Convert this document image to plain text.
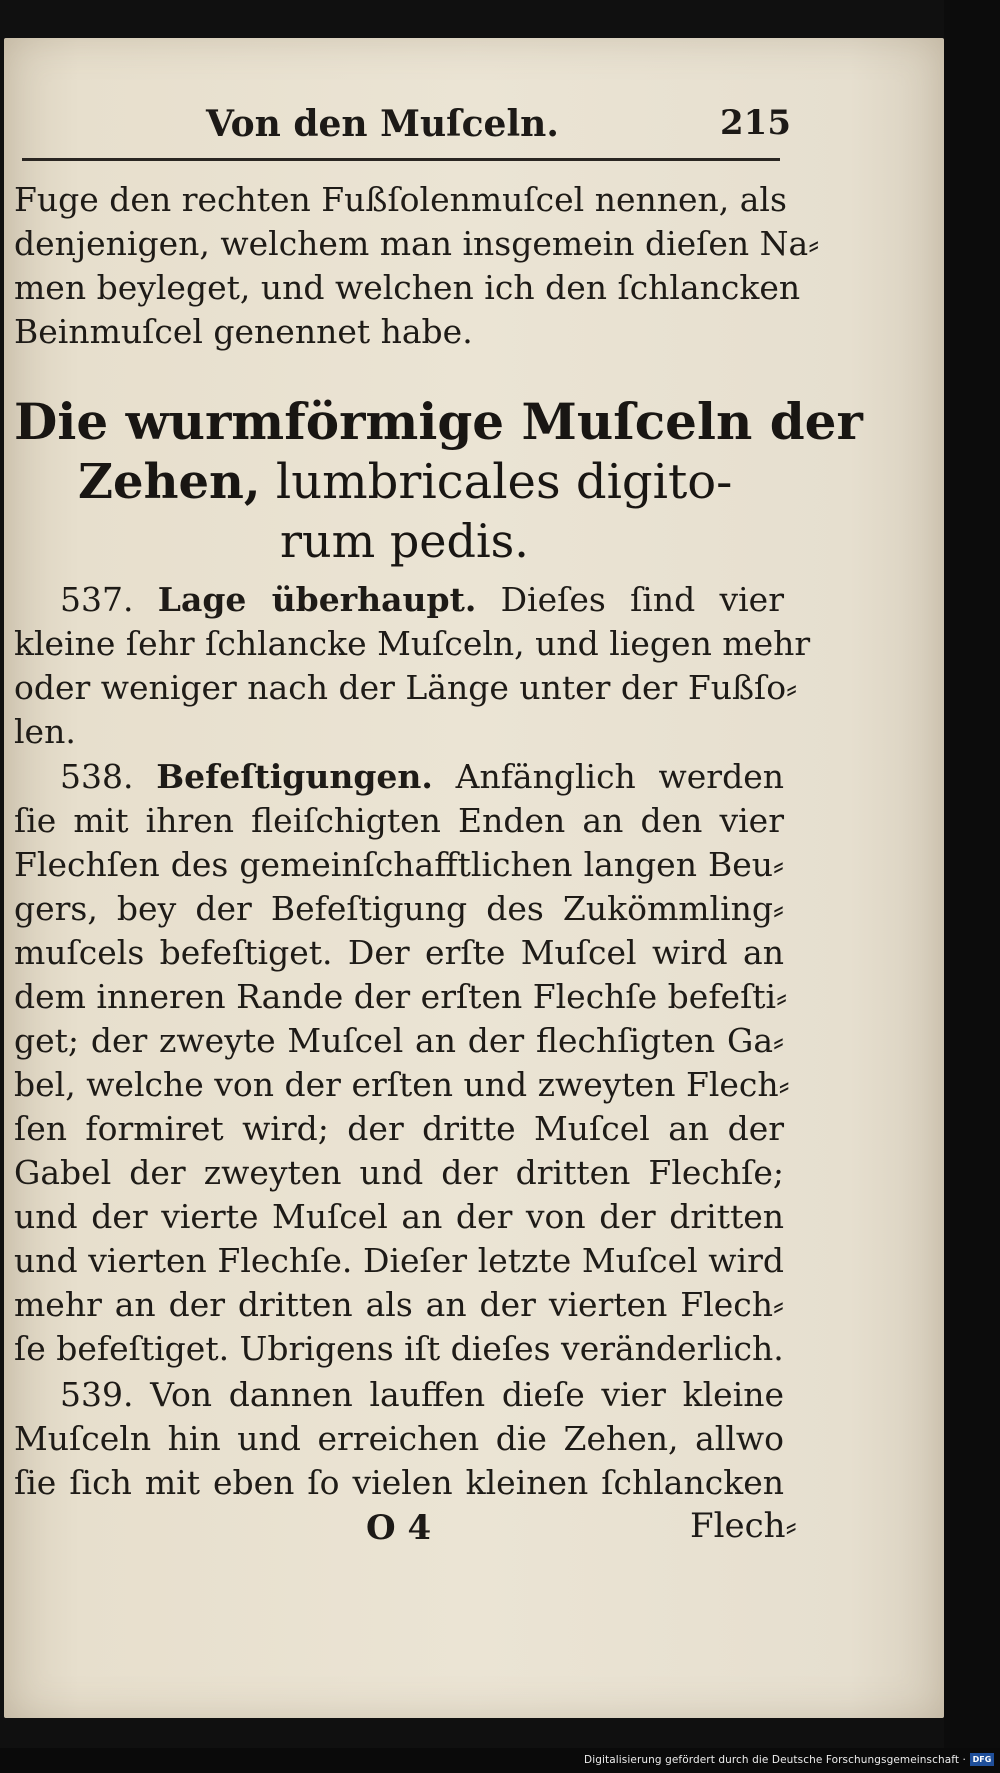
Von den Muſceln.	215
Fuge den rechten Fußſolenmuſcel nennen, als
denjenigen, welchem man insgemein dieſen Na⸗
men beyleget, und welchen ich den ſchlancken
Beinmuſcel genennet habe.
Die wurmförmige Muſceln der
Zehen, lumbricales digito-
rum pedis.
537. Lage überhaupt. Dieſes ſind vier
kleine ſehr ſchlancke Muſceln, und liegen mehr
oder weniger nach der Länge unter der Fußſo⸗
len.
538. Befeſtigungen. Anfänglich werden
ſie mit ihren fleiſchigten Enden an den vier
Flechſen des gemeinſchafftlichen langen Beu⸗
gers, bey der Befeſtigung des Zukömmling⸗
muſcels befeſtiget. Der erſte Muſcel wird an
dem inneren Rande der erſten Flechſe befeſti⸗
get; der zweyte Muſcel an der flechſigten Ga⸗
bel, welche von der erſten und zweyten Flech⸗
ſen formiret wird; der dritte Muſcel an der
Gabel der zweyten und der dritten Flechſe;
und der vierte Muſcel an der von der dritten
und vierten Flechſe. Dieſer letzte Muſcel wird
mehr an der dritten als an der vierten Flech⸗
ſe befeſtiget. Ubrigens iſt dieſes veränderlich.
539. Von dannen lauffen dieſe vier kleine
Muſceln hin und erreichen die Zehen, allwo
ſie ſich mit eben ſo vielen kleinen ſchlancken
O 4	Flech⸗
Digitalisierung gefördert durch die Deutsche Forschungsgemeinschaft · DFG
